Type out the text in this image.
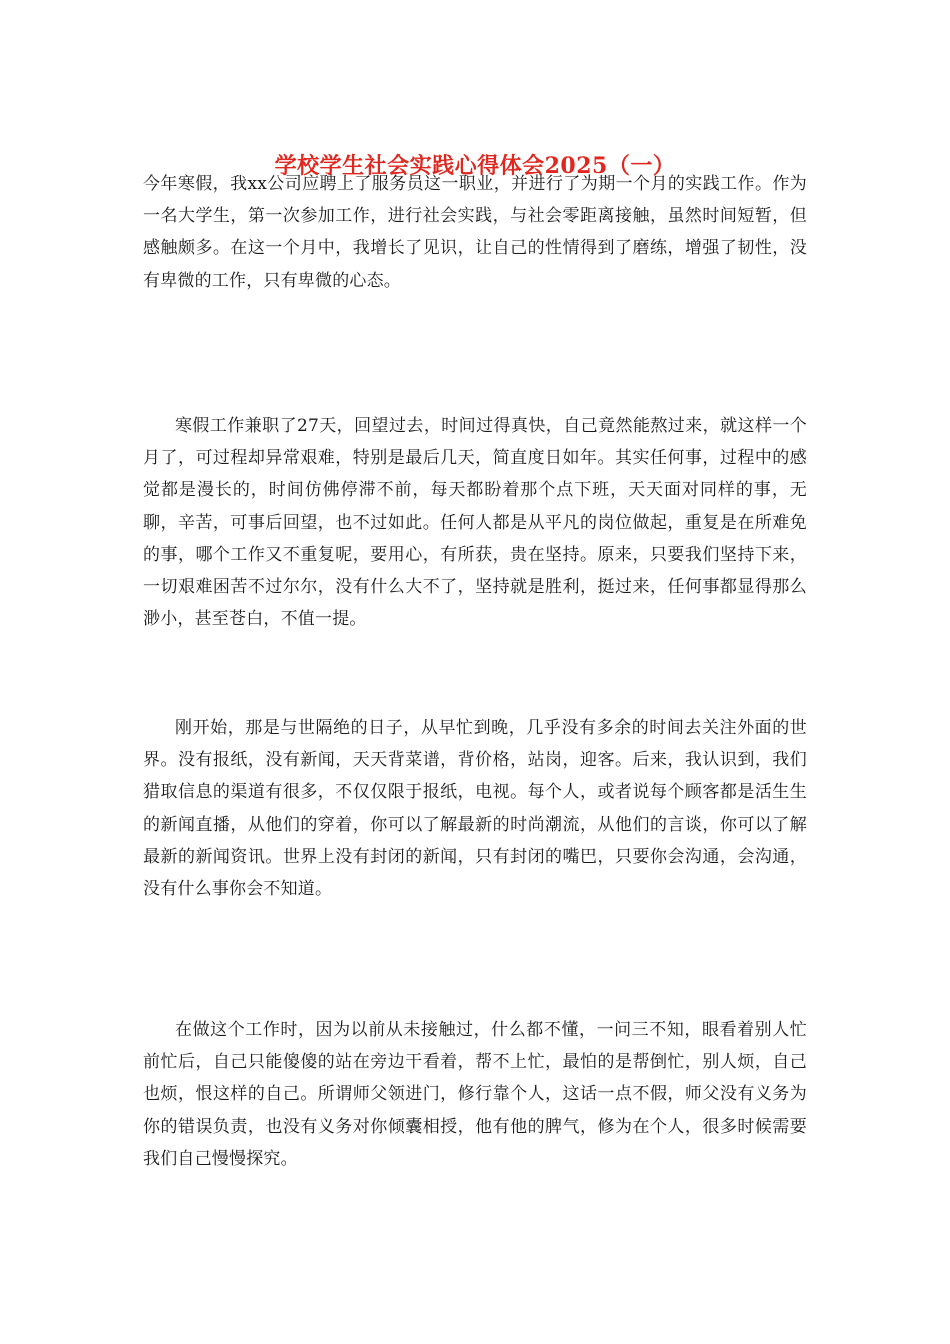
学校学生社会实践心得体会2025（一）

今年寒假，我xx公司应聘上了服务员这一职业，并进行了为期一个月的实践工作。作为一名大学生，第一次参加工作，进行社会实践，与社会零距离接触，虽然时间短暂，但感触颇多。在这一个月中，我增长了见识，让自己的性情得到了磨练，增强了韧性，没有卑微的工作，只有卑微的心态。

寒假工作兼职了27天，回望过去，时间过得真快，自己竟然能熬过来，就这样一个月了，可过程却异常艰难，特别是最后几天，简直度日如年。其实任何事，过程中的感觉都是漫长的，时间仿佛停滞不前，每天都盼着那个点下班，天天面对同样的事，无聊，辛苦，可事后回望，也不过如此。任何人都是从平凡的岗位做起，重复是在所难免的事，哪个工作又不重复呢，要用心，有所获，贵在坚持。原来，只要我们坚持下来，一切艰难困苦不过尔尔，没有什么大不了，坚持就是胜利，挺过来，任何事都显得那么渺小，甚至苍白，不值一提。

刚开始，那是与世隔绝的日子，从早忙到晚，几乎没有多余的时间去关注外面的世界。没有报纸，没有新闻，天天背菜谱，背价格，站岗，迎客。后来，我认识到，我们猎取信息的渠道有很多，不仅仅限于报纸，电视。每个人，或者说每个顾客都是活生生的新闻直播，从他们的穿着，你可以了解最新的时尚潮流，从他们的言谈，你可以了解最新的新闻资讯。世界上没有封闭的新闻，只有封闭的嘴巴，只要你会沟通，会沟通，没有什么事你会不知道。

在做这个工作时，因为以前从未接触过，什么都不懂，一问三不知，眼看着别人忙前忙后，自己只能傻傻的站在旁边干看着，帮不上忙，最怕的是帮倒忙，别人烦，自己也烦，恨这样的自己。所谓师父领进门，修行靠个人，这话一点不假，师父没有义务为你的错误负责，也没有义务对你倾囊相授，他有他的脾气，修为在个人，很多时候需要我们自己慢慢探究。
